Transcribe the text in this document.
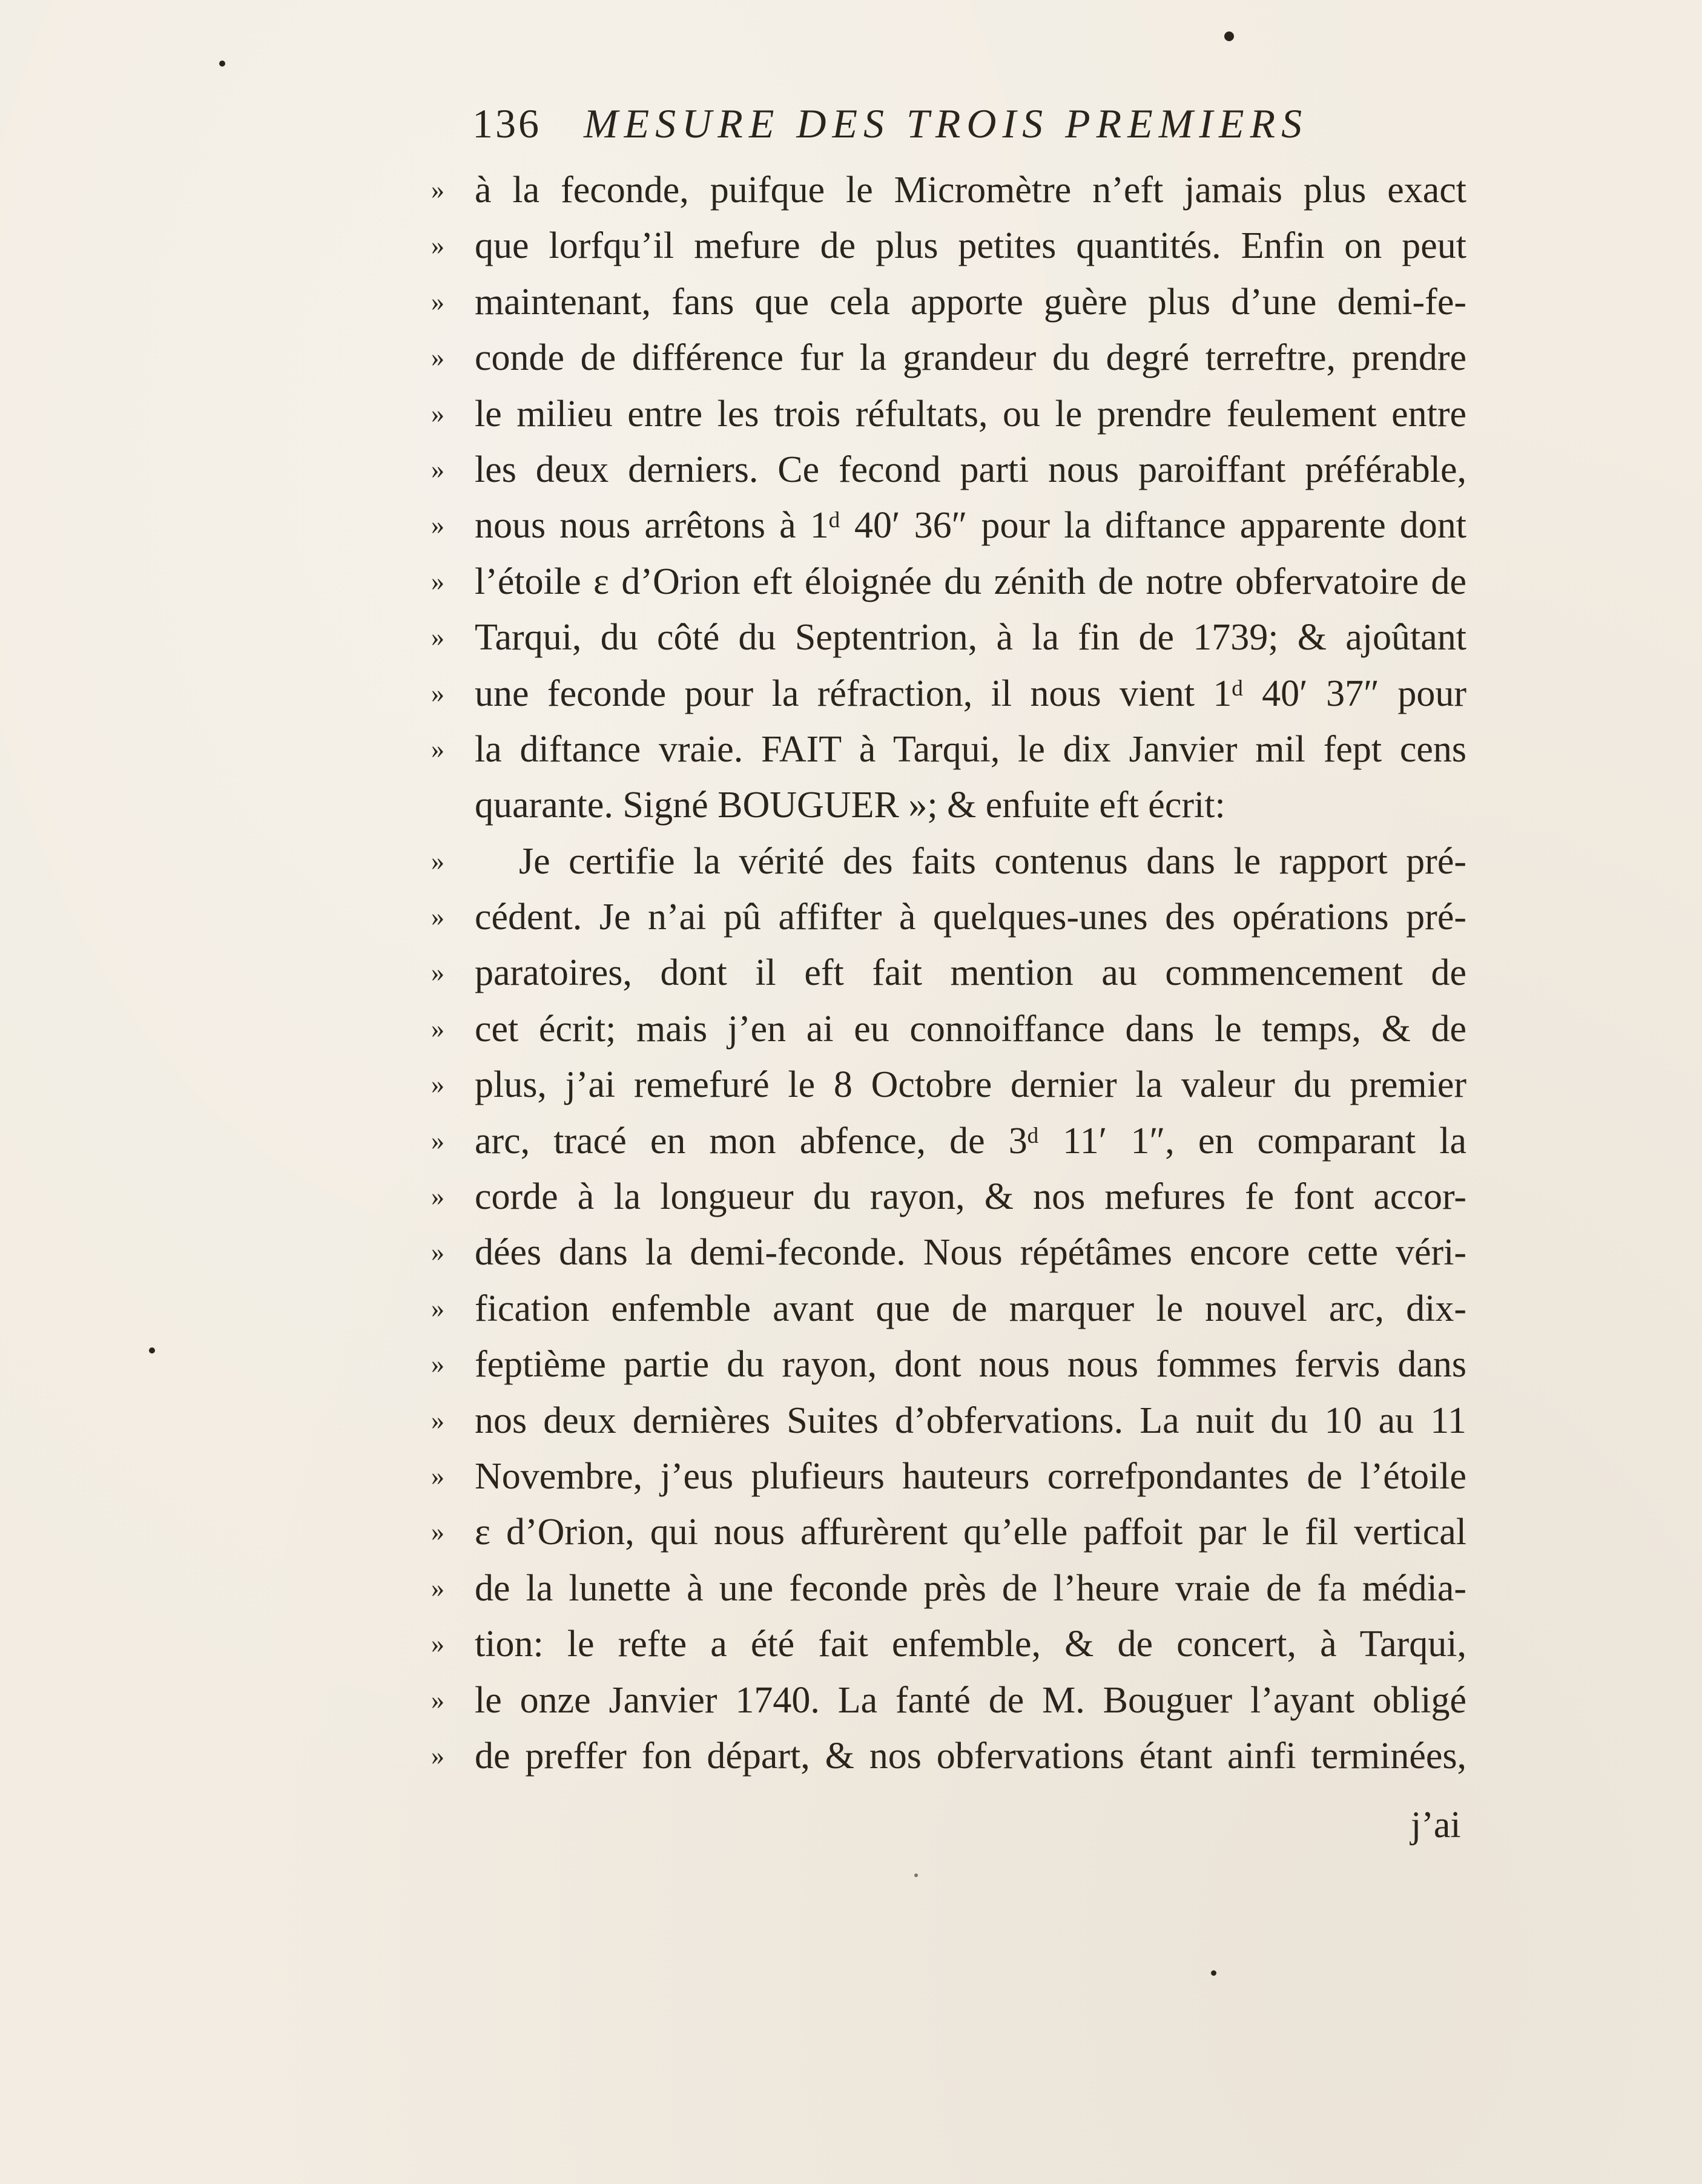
136 MESURE DES TROIS PREMIERS
» à la feconde, puifque le Micromètre n’eft jamais plus exact
» que lorfqu’il mefure de plus petites quantités. Enfin on peut
» maintenant, fans que cela apporte guère plus d’une demi-fe-
» conde de différence fur la grandeur du degré terreftre, prendre
» le milieu entre les trois réfultats, ou le prendre feulement entre
» les deux derniers. Ce fecond parti nous paroiffant préférable,
» nous nous arrêtons à 1ᵈ 40′ 36″ pour la diftance apparente dont
» l’étoile ε d’Orion eft éloignée du zénith de notre obfervatoire de
» Tarqui, du côté du Septentrion, à la fin de 1739; & ajoûtant
» une feconde pour la réfraction, il nous vient 1ᵈ 40′ 37″ pour
» la diftance vraie. FAIT à Tarqui, le dix Janvier mil fept cens
quarante. Signé BOUGUER »; & enfuite eft écrit:
»	Je certifie la vérité des faits contenus dans le rapport pré-
» cédent. Je n’ai pû affifter à quelques-unes des opérations pré-
» paratoires, dont il eft fait mention au commencement de
» cet écrit; mais j’en ai eu connoiffance dans le temps, & de
» plus, j’ai remefuré le 8 Octobre dernier la valeur du premier
» arc, tracé en mon abfence, de 3ᵈ 11′ 1″, en comparant la
» corde à la longueur du rayon, & nos mefures fe font accor-
» dées dans la demi-feconde. Nous répétâmes encore cette véri-
» fication enfemble avant que de marquer le nouvel arc, dix-
» feptième partie du rayon, dont nous nous fommes fervis dans
» nos deux dernières Suites d’obfervations. La nuit du 10 au 11
» Novembre, j’eus plufieurs hauteurs correfpondantes de l’étoile
» ε d’Orion, qui nous affurèrent qu’elle paffoit par le fil vertical
» de la lunette à une feconde près de l’heure vraie de fa média-
» tion: le refte a été fait enfemble, & de concert, à Tarqui,
» le onze Janvier 1740. La fanté de M. Bouguer l’ayant obligé
» de preffer fon départ, & nos obfervations étant ainfi terminées,
j’ai
